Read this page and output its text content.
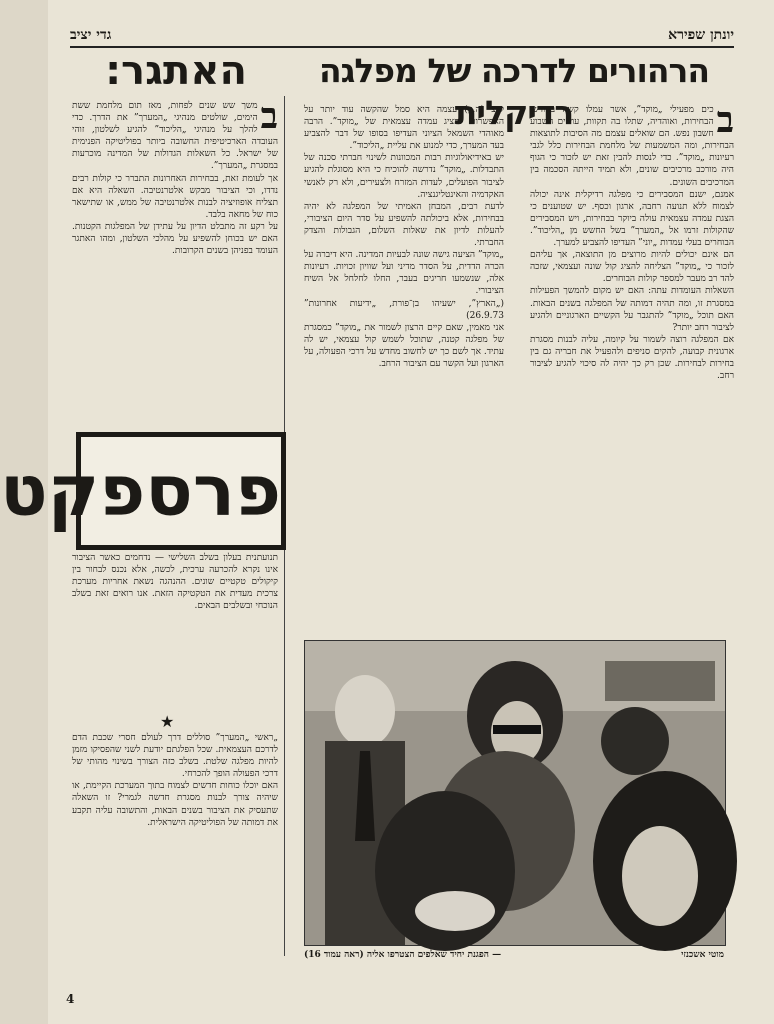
יונתן שפירא
גדי יציב
הרהורים לדרכה של מפלגה רדיקלית
האתגר:
ב

כים מפעילי „מוקד”, אשר עמלו קשה בחודשי הבחירות, ואוהדיה, שתלו בה תקוות, עושים השבוע חשבון נפש. הם שואלים עצמם מה הסיבות לתוצאות הבחירות, ומה המשמעות של מלחמת הבחירות כלל לגבי רעיונות „מוקד”. כדי לנסות להבין זאת יש לזכור כי הגוף היה מורכב מרכיבים שונים, ולא תמיד הייתה הסכמה בין המרכיבים השונים.

אמנם, ישנם המסבירים כי מפלגה רדיקלית אינה יכולה לצמוח ללא תנועה רחבה, ארגון וכסף. יש שטוענים כי הצגת עמדה עצמאית עולה ביוקר בבחירות, ויש המסבירים שהקולות זרמו אל „המערך” בשל החשש מן „הליכוד”. הבוחרים בעלי עמדות „יוני” העדיפו להצביע למערך.

הם אינם יכולים להיות מרוצים מן התוצאה, אך עליהם לזכור כי „מוקד” הצליחה להציג קול שונה ועצמאי, שזכה להד רב מעבר למספר קולות הבוחרים.

השאלות העומדות עתה: האם יש מקום להמשך הפעילות במסגרת זו, ומה תהיה דמותה של המפלגה בשנים הבאות. האם תוכל „מוקד” להתגבר על הקשיים הארגוניים ולהגיע לציבור רחב יותר?

אם המפלגה רוצה לשמור על קיומה, עליה לבנות מסגרת ארגונית קבועה, להקים סניפים ולהפעיל את חבריה גם בין בחירות לבחירות. שכן רק כך יהיה לה סיכוי להגיע לציבור רחב.

ק״צ (ה.ק) עצמה היא סמל שהקשה עוד יותר על האפשרות להציג עמדה עצמאית של „מוקד”. הרבה מאוהדי השמאל הציוני העדיפו בסופו של דבר להצביע בעד המערך, כדי למנוע את עליית „הליכוד”.

יש באידיאולוגיות רבות המכוונות לשינוי חברתי סכנה של התבדלות. „מוקד” נדרשה להוכיח כי היא מסוגלת להגיע לציבור הפועלים, לעדות המזרח ולצעירים, ולא רק לאנשי האקדמיה והאינטליגנציה.

לדעת רבים, המבחן האמיתי של המפלגה לא יהיה בבחירות, אלא ביכולתה להשפיע על סדר היום הציבורי, להעלות לדיון את שאלות השלום, הגבולות והצדק החברתי.

„מוקד” הציעה גישה שונה לבעיות המדינה. היא דיברה על הכרה הדדית, על הסדר מדיני ועל שוויון זכויות. רעיונות אלה, שנשמעו חריגים בעבר, החלו לחלחל אל השיח הציבורי.

(„הארץ”, ישעיהו בן־פורת, „ידיעות אחרונות” 26.9.73)

אני מאמין, שאם קיים הרצון לשמור את „מוקד” כמסגרת של מפלגה קטנה, שתוכל לשמש קול עצמאי, יש לה עתיד. אך לשם כך יש לחשוב מחדש על דרכי הפעולה, על הארגון ועל הקשר עם הציבור הרחב.

ב

משך שש שנים לפחות, מאז תום מלחמת ששת הימים, שולטים מנהיגי „המערך” את הדרך. כדי להלך על מנהיגי „הליכוד” להגיע לשלטון, זוהי העובדה הארכיטיפית החשובה ביותר בפוליטיקה הפנימית של ישראל. כל השאלות הגדולות של המדינה מוכרעות במסגרת „המערך”.

אך לעומת זאת, בבחירות האחרונות התברר כי קולות רבים נדדו, וכי הציבור מבקש אלטרנטיבה. השאלה היא אם תצליח אופוזיציה לבנות אלטרנטיבה של ממש, או שתישאר כוח של מחאה בלבד.

על רקע זה מתבלט הדיון על עתידן של המפלגות הקטנות. האם יש בכוחן להשפיע על מהלכי השלטון, ומהו האתגר העומד בפניהן בשנים הקרובות.

פרספקט

תנועתנית בעלון בשלב השלישי — נדחמים כאשר הציבור אינו נקרא להכרעה ערכית, לכשה, אלא נכנס לבחור בין קיקולים טקטיים שונים. ההנהגה נשאת אחריות מערכת צרכית מעדית את הטקטיקה הזאת. אנו רואים זאת בשלב הנוכחי ובשלבים הבאים.

★

„ראשי „המערך” סוללים דרך לעולם חסרי שכבת הדם לדרכם העצמאית. שכל הפלגתם יודעת לשני שהפסיקו מזמן להיות מפלגה שלטת. בשלב כזה הצורך בשינוי מהותי של דרכי הפעולה הופך להכרחי.

האם יוכלו כוחות חדשים לצמוח בתוך המערכת הקיימת, או שיהיה צורך לבנות מסגרת חדשה לגמרי? זו השאלה שתעסיק את הציבור בשנים הבאות, והתשובה עליה תקבע את דמותה של הפוליטיקה הישראלית.

מוטי אשכנזי
— הפגנת יחיד שאלפים הצטרפו אליה (ראה עמוד 16)
4
